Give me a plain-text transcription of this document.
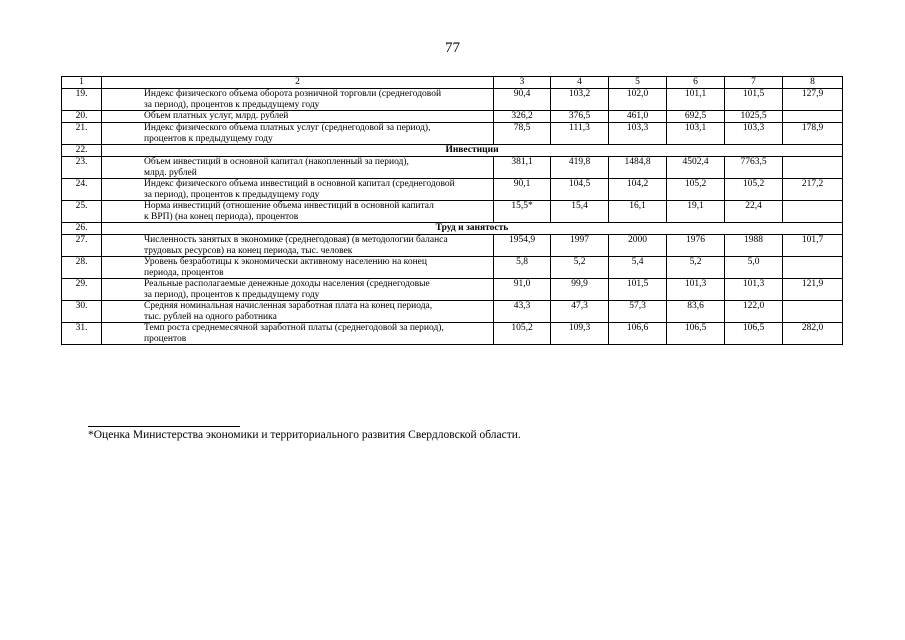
77
1	2	3	4	5	6	7	8
19.	Индекс физического объема оборота розничной торговли (среднегодовой
за период), процентов к предыдущему году	90,4	103,2	102,0	101,1	101,5	127,9
20.	Объем платных услуг, млрд. рублей	326,2	376,5	461,0	692,5	1025,5	
21.	Индекс физического объема платных услуг (среднегодовой за период),
процентов к предыдущему году	78,5	111,3	103,3	103,1	103,3	178,9
22.	Инвестиции						
23.	Объем инвестиций в основной капитал (накопленный за период),
млрд. рублей	381,1	419,8	1484,8	4502,4	7763,5	
24.	Индекс физического объема инвестиций в основной капитал (среднегодовой
за период), процентов к предыдущему году	90,1	104,5	104,2	105,2	105,2	217,2
25.	Норма инвестиций (отношение объема инвестиций в основной капитал
к ВРП) (на конец периода), процентов	15,5*	15,4	16,1	19,1	22,4	
26.	Труд и занятость						
27.	Численность занятых в экономике (среднегодовая) (в методологии баланса
трудовых ресурсов) на конец периода, тыс. человек	1954,9	1997	2000	1976	1988	101,7
28.	Уровень безработицы к экономически активному населению на конец
периода, процентов	5,8	5,2	5,4	5,2	5,0	
29.	Реальные располагаемые денежные доходы населения (среднегодовые
за период), процентов к предыдущему году	91,0	99,9	101,5	101,3	101,3	121,9
30.	Средняя номинальная начисленная заработная плата на конец периода,
тыс. рублей на одного работника	43,3	47,3	57,3	83,6	122,0	
31.	Темп роста среднемесячной заработной платы (среднегодовой за период),
процентов	105,2	109,3	106,6	106,5	106,5	282,0
*Оценка Министерства экономики и территориального развития Свердловской области.
